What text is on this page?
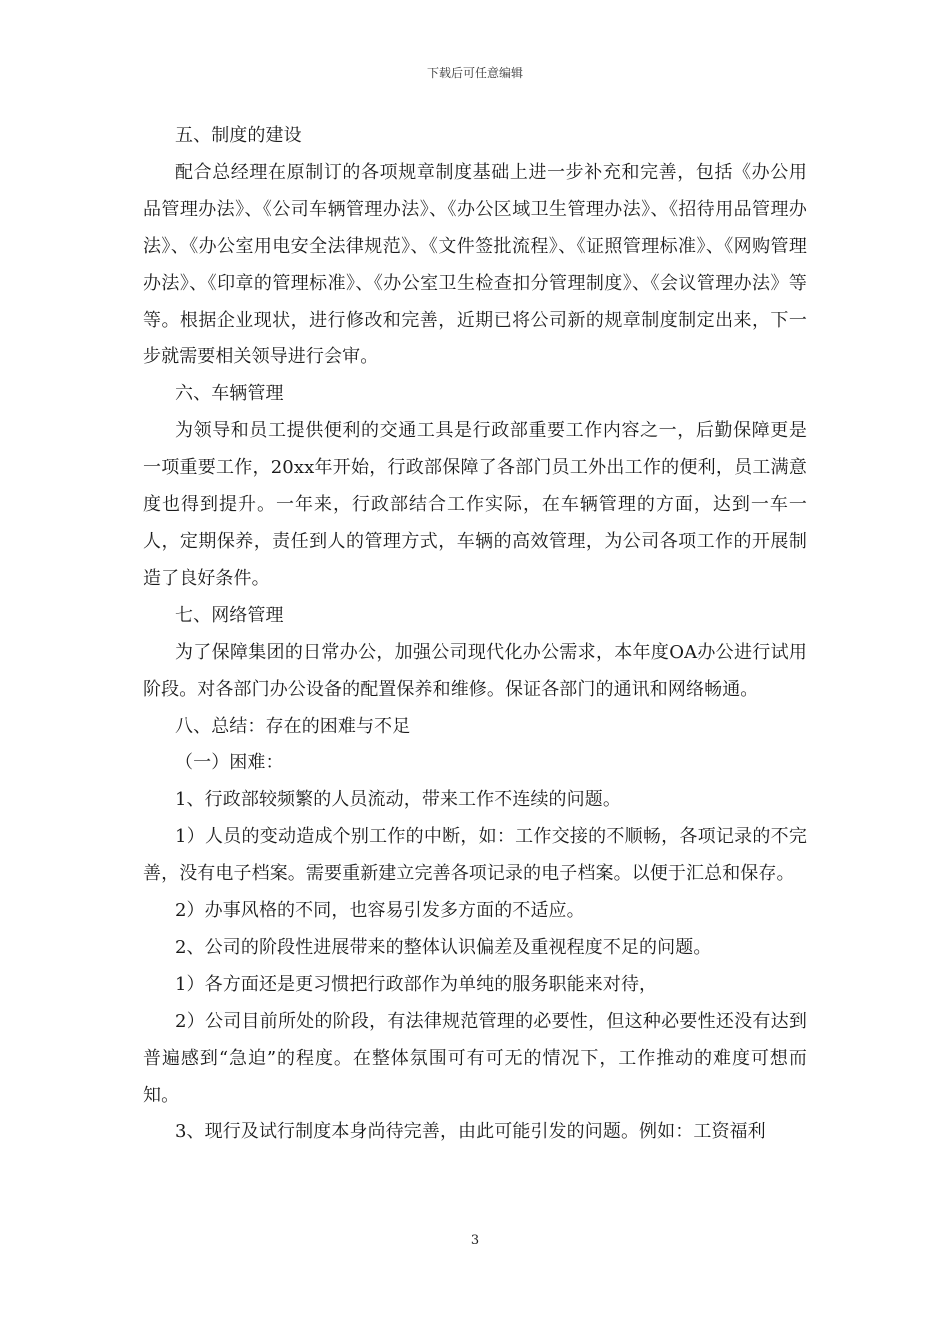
下载后可任意编辑

五、制度的建设

配合总经理在原制订的各项规章制度基础上进一步补充和完善，包括《办公用品管理办法》、《公司车辆管理办法》、《办公区域卫生管理办法》、《招待用品管理办法》、《办公室用电安全法律规范》、《文件签批流程》、《证照管理标准》、《网购管理办法》、《印章的管理标准》、《办公室卫生检查扣分管理制度》、《会议管理办法》等等。根据企业现状，进行修改和完善，近期已将公司新的规章制度制定出来，下一步就需要相关领导进行会审。

六、车辆管理

为领导和员工提供便利的交通工具是行政部重要工作内容之一，后勤保障更是一项重要工作，20xx年开始，行政部保障了各部门员工外出工作的便利，员工满意度也得到提升。一年来，行政部结合工作实际，在车辆管理的方面，达到一车一人，定期保养，责任到人的管理方式，车辆的高效管理，为公司各项工作的开展制造了良好条件。

七、网络管理

为了保障集团的日常办公，加强公司现代化办公需求，本年度OA办公进行试用阶段。对各部门办公设备的配置保养和维修。保证各部门的通讯和网络畅通。

八、总结：存在的困难与不足

（一）困难：

1、行政部较频繁的人员流动，带来工作不连续的问题。

1）人员的变动造成个别工作的中断，如：工作交接的不顺畅，各项记录的不完善，没有电子档案。需要重新建立完善各项记录的电子档案。以便于汇总和保存。

2）办事风格的不同，也容易引发多方面的不适应。

2、公司的阶段性进展带来的整体认识偏差及重视程度不足的问题。

1）各方面还是更习惯把行政部作为单纯的服务职能来对待，

2）公司目前所处的阶段，有法律规范管理的必要性，但这种必要性还没有达到普遍感到“急迫”的程度。在整体氛围可有可无的情况下，工作推动的难度可想而知。

3、现行及试行制度本身尚待完善，由此可能引发的问题。例如：工资福利

3
